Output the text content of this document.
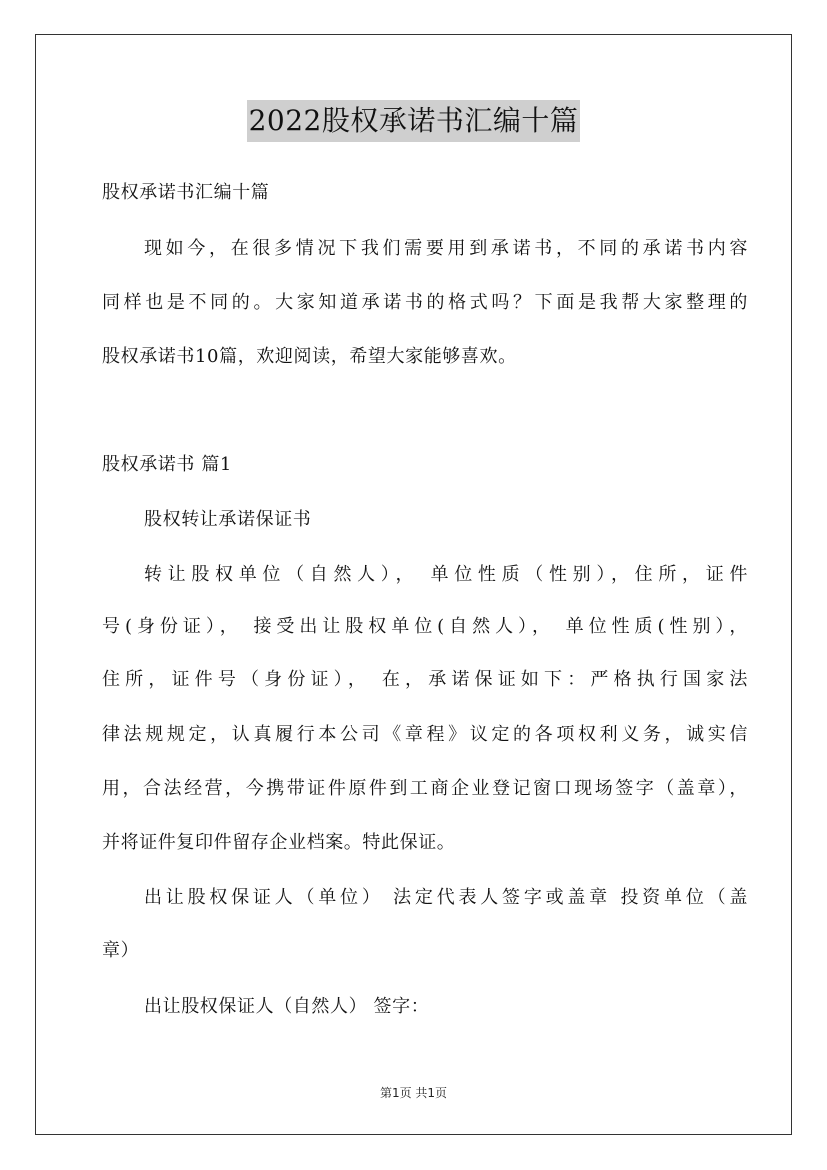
2022股权承诺书汇编十篇
股权承诺书汇编十篇
现如今，在很多情况下我们需要用到承诺书，不同的承诺书内容
同样也是不同的。大家知道承诺书的格式吗？下面是我帮大家整理的
股权承诺书10篇，欢迎阅读，希望大家能够喜欢。
股权承诺书 篇1
股权转让承诺保证书
转让股权单位（自然人）， 单位性质（性别），住所，证件
号(身份证）， 接受出让股权单位(自然人）， 单位性质(性别），
住所，证件号（身份证）， 在，承诺保证如下：严格执行国家法
律法规规定，认真履行本公司《章程》议定的各项权利义务，诚实信
用，合法经营，今携带证件原件到工商企业登记窗口现场签字（盖章），
并将证件复印件留存企业档案。特此保证。
出让股权保证人（单位） 法定代表人签字或盖章 投资单位（盖
章）
出让股权保证人（自然人） 签字：
第1页 共1页
